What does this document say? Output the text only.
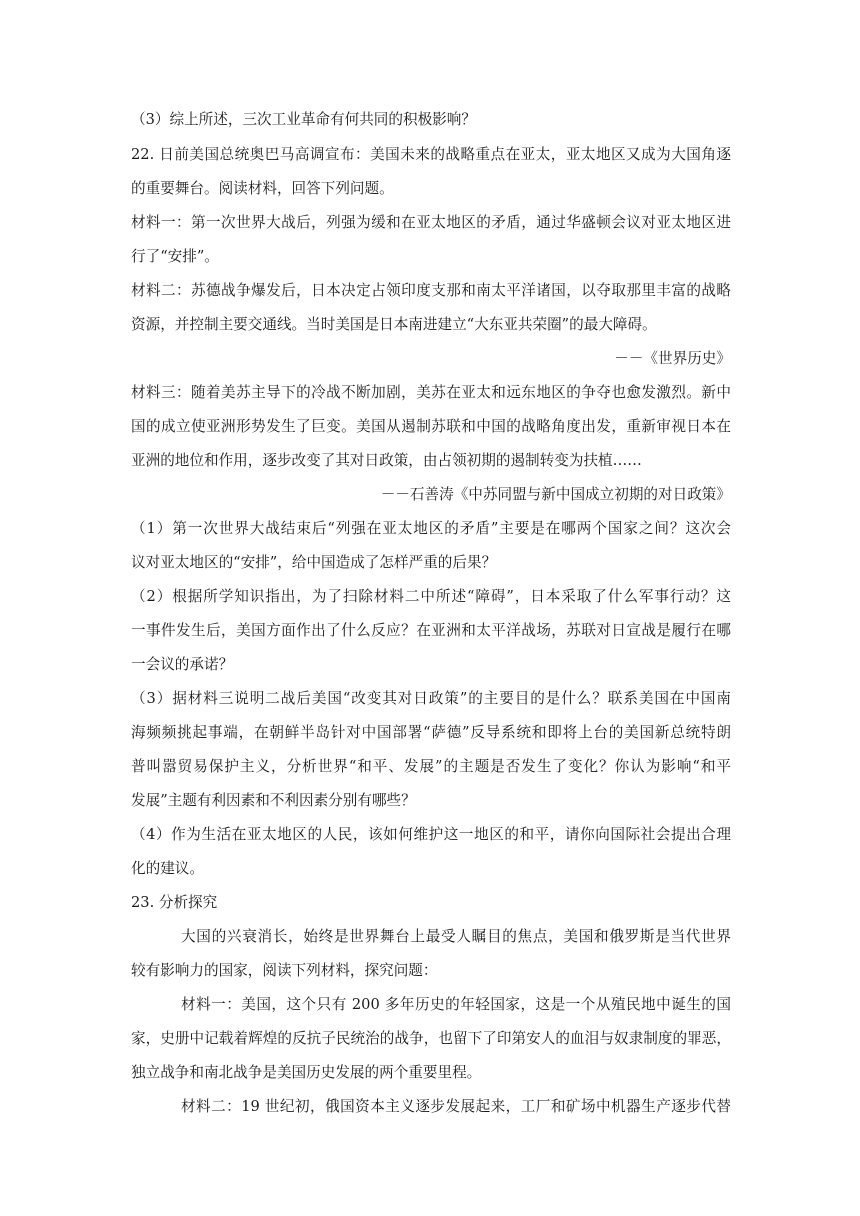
（3）综上所述，三次工业革命有何共同的积极影响？
22. 日前美国总统奥巴马高调宣布：美国未来的战略重点在亚太，亚太地区又成为大国角逐
的重要舞台。阅读材料，回答下列问题。
材料一：第一次世界大战后，列强为缓和在亚太地区的矛盾，通过华盛顿会议对亚太地区进
行了“安排”。
材料二：苏德战争爆发后，日本决定占领印度支那和南太平洋诸国，以夺取那里丰富的战略
资源，并控制主要交通线。当时美国是日本南进建立“大东亚共荣圈”的最大障碍。
－－《世界历史》
材料三：随着美苏主导下的冷战不断加剧，美苏在亚太和远东地区的争夺也愈发激烈。新中
国的成立使亚洲形势发生了巨变。美国从遏制苏联和中国的战略角度出发，重新审视日本在
亚洲的地位和作用，逐步改变了其对日政策，由占领初期的遏制转变为扶植……
－－石善涛《中苏同盟与新中国成立初期的对日政策》
（1）第一次世界大战结束后“列强在亚太地区的矛盾”主要是在哪两个国家之间？这次会
议对亚太地区的“安排”，给中国造成了怎样严重的后果？
（2）根据所学知识指出，为了扫除材料二中所述“障碍”，日本采取了什么军事行动？这
一事件发生后，美国方面作出了什么反应？在亚洲和太平洋战场，苏联对日宣战是履行在哪
一会议的承诺？
（3）据材料三说明二战后美国“改变其对日政策”的主要目的是什么？联系美国在中国南
海频频挑起事端，在朝鲜半岛针对中国部署“萨德”反导系统和即将上台的美国新总统特朗
普叫嚣贸易保护主义，分析世界“和平、发展”的主题是否发生了变化？你认为影响“和平
发展”主题有利因素和不利因素分别有哪些？
（4）作为生活在亚太地区的人民，该如何维护这一地区的和平，请你向国际社会提出合理
化的建议。
23. 分析探究
大国的兴衰消长，始终是世界舞台上最受人瞩目的焦点，美国和俄罗斯是当代世界
较有影响力的国家，阅读下列材料，探究问题：
材料一：美国，这个只有 200 多年历史的年轻国家，这是一个从殖民地中诞生的国
家，史册中记载着辉煌的反抗子民统治的战争，也留下了印第安人的血泪与奴隶制度的罪恶，
独立战争和南北战争是美国历史发展的两个重要里程。
材料二：19 世纪初，俄国资本主义逐步发展起来，工厂和矿场中机器生产逐步代替
